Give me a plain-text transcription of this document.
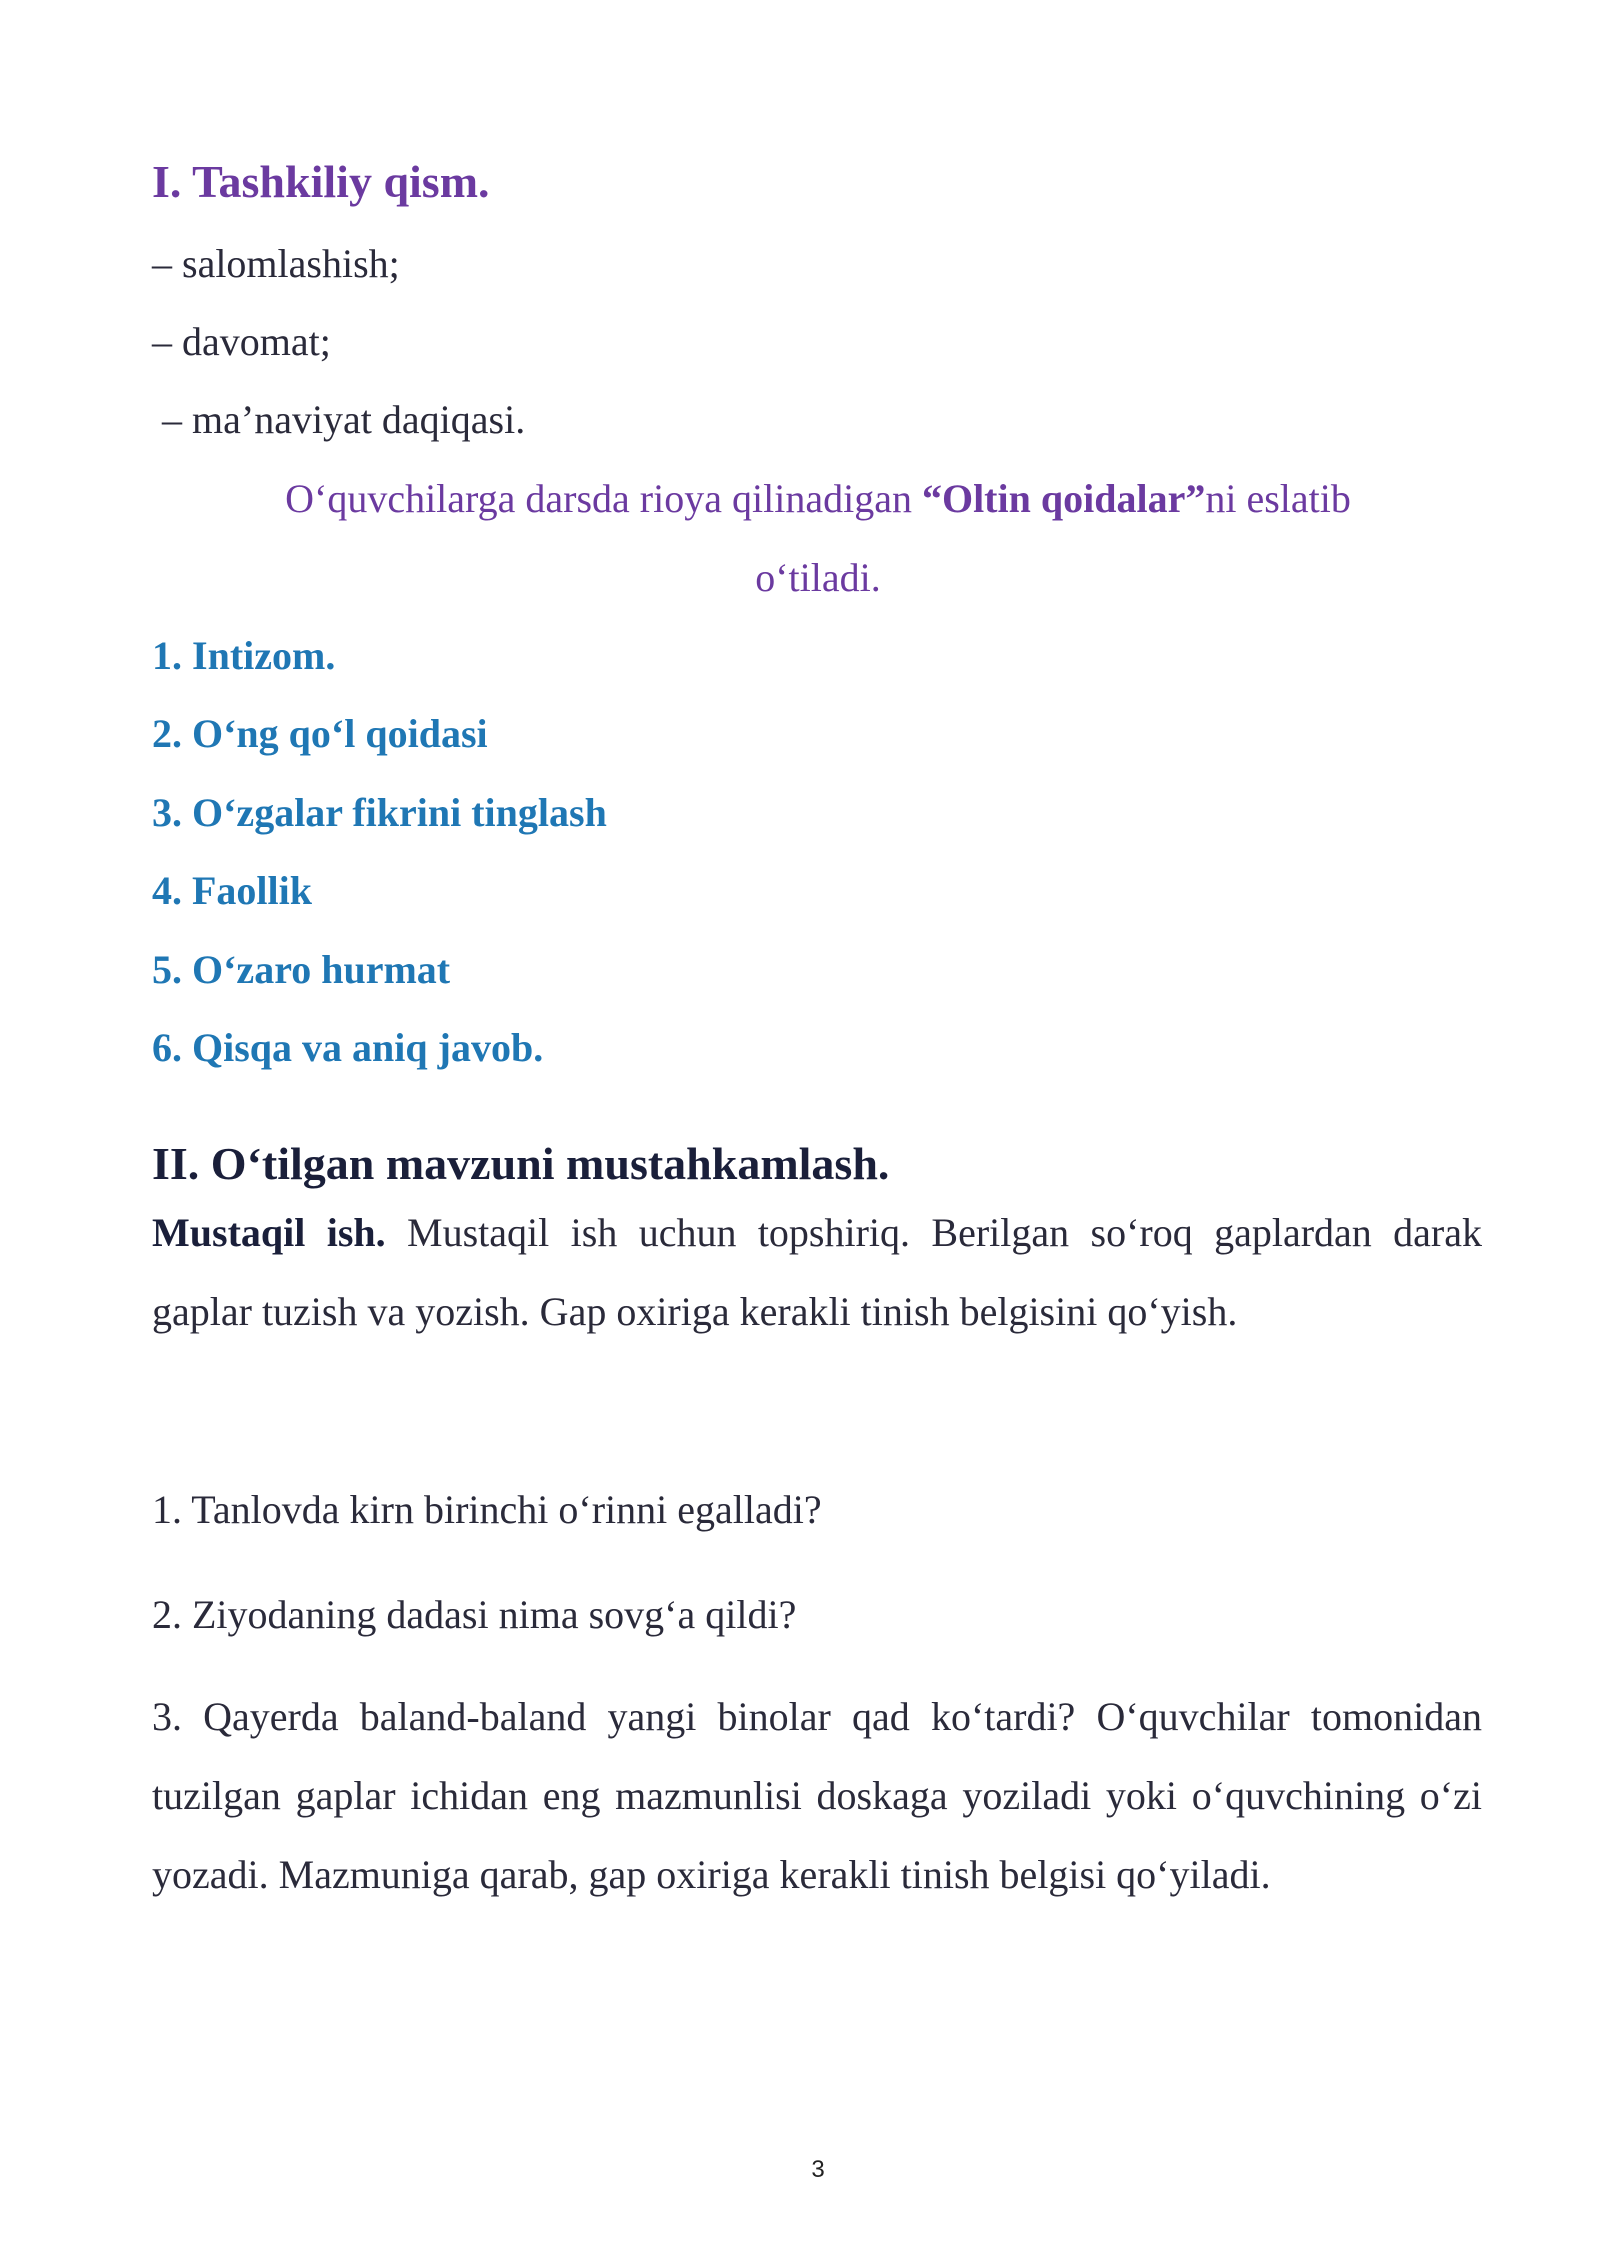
I. Tashkiliy qism.
– salomlashish;
– davomat;
– ma’naviyat daqiqasi.
O‘quvchilarga darsda rioya qilinadigan “Oltin qoidalar”ni eslatib
o‘tiladi.
1. Intizom.
2. O‘ng qo‘l qoidasi
3. O‘zgalar fikrini tinglash
4. Faollik
5. O‘zaro hurmat
6. Qisqa va aniq javob.
II. O‘tilgan mavzuni mustahkamlash.

Mustaqil ish. Mustaqil ish uchun topshiriq. Berilgan so‘roq gaplardan darak gaplar tuzish va yozish. Gap oxiriga kerakli tinish belgisini qo‘yish.

1. Tanlovda kirn birinchi o‘rinni egalladi?
2. Ziyodaning dadasi nima sovg‘a qildi?

3. Qayerda baland-baland yangi binolar qad ko‘tardi? O‘quvchilar tomonidan tuzilgan gaplar ichidan eng mazmunlisi doskaga yoziladi yoki o‘quvchining o‘zi yozadi. Mazmuniga qarab, gap oxiriga kerakli tinish belgisi qo‘yiladi.

3
